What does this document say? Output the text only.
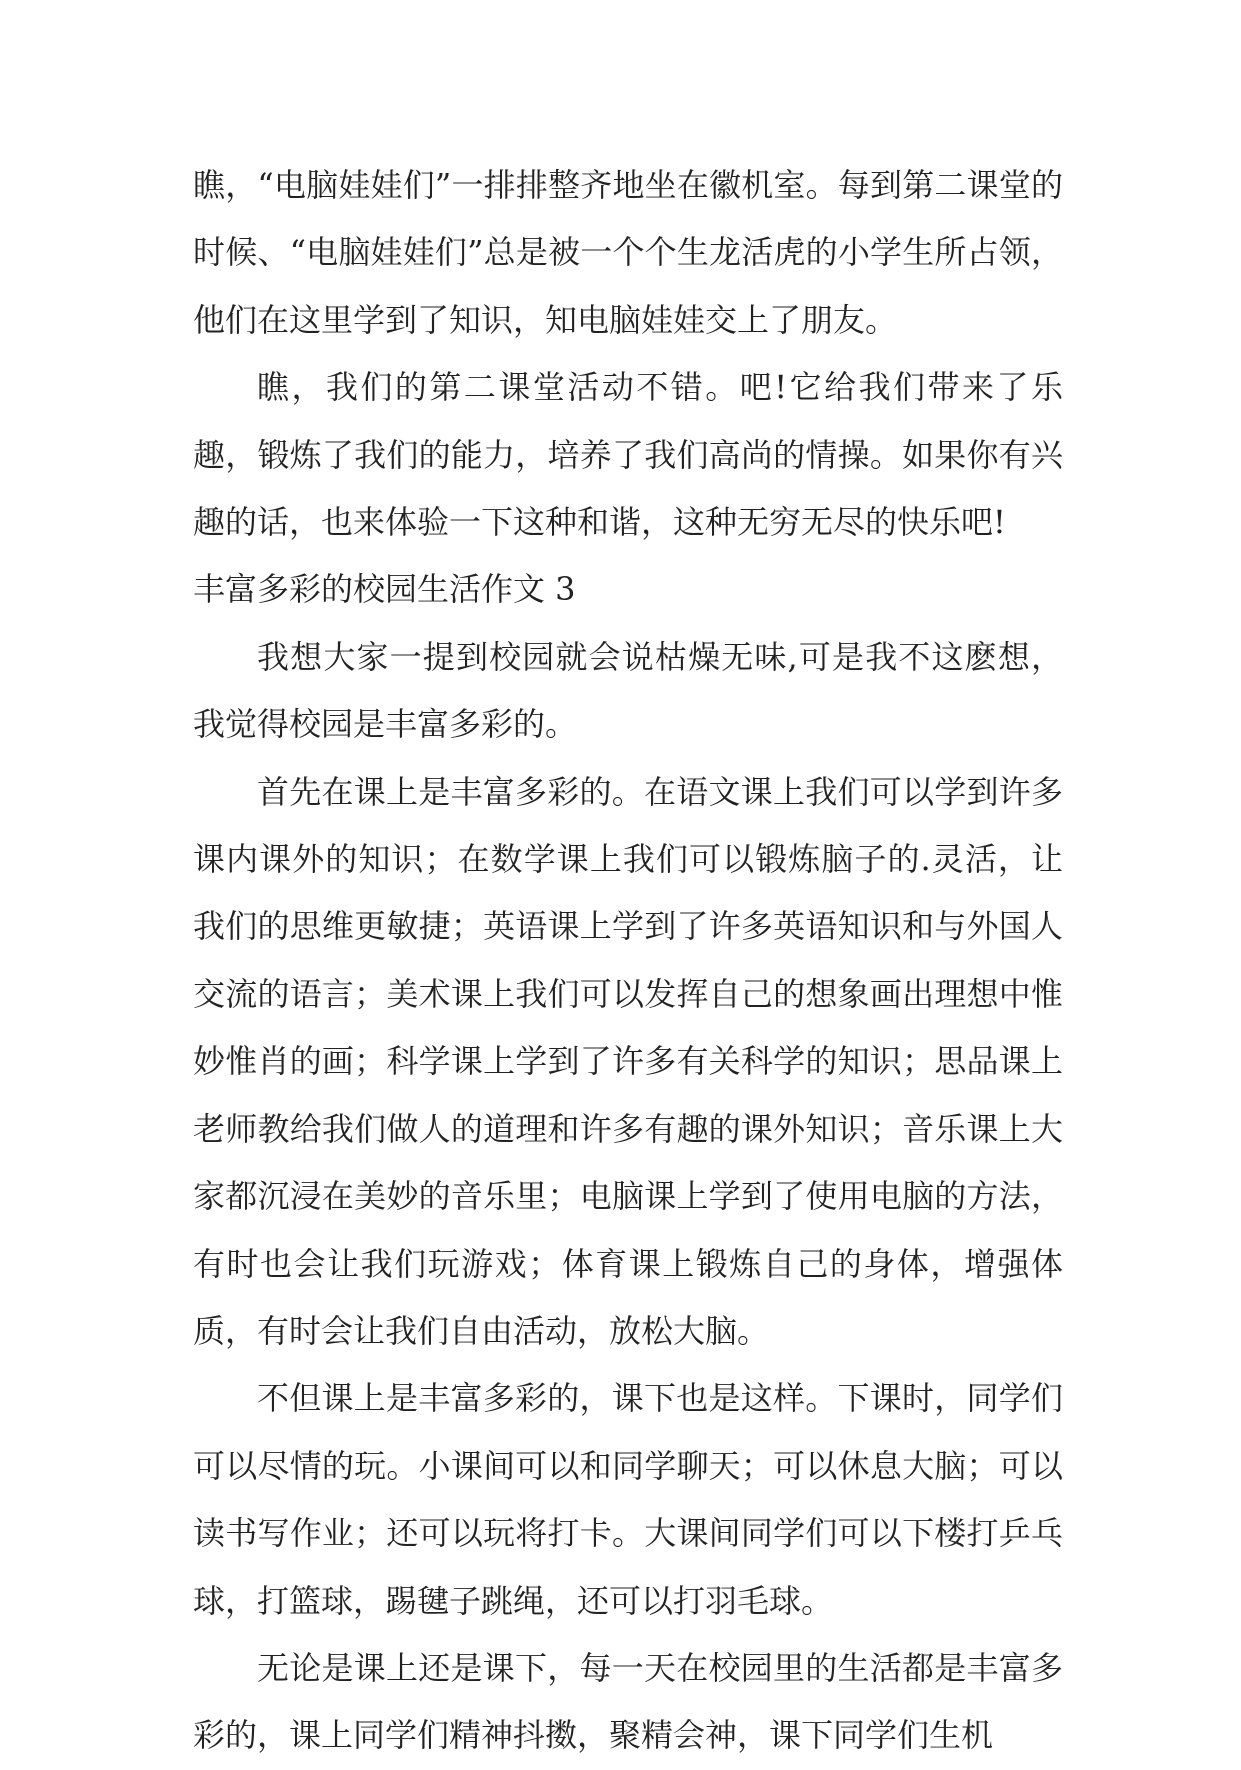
瞧，“电脑娃娃们”一排排整齐地坐在徽机室。每到第二课堂的时候、“电脑娃娃们”总是被一个个生龙活虎的小学生所占领，他们在这里学到了知识，知电脑娃娃交上了朋友。

瞧，我们的第二课堂活动不错。吧!它给我们带来了乐趣，锻炼了我们的能力，培养了我们高尚的情操。如果你有兴趣的话，也来体验一下这种和谐，这种无穷无尽的快乐吧!

丰富多彩的校园生活作文 3

我想大家一提到校园就会说枯燥无味,可是我不这麽想，我觉得校园是丰富多彩的。

首先在课上是丰富多彩的。在语文课上我们可以学到许多课内课外的知识；在数学课上我们可以锻炼脑子的.灵活，让我们的思维更敏捷；英语课上学到了许多英语知识和与外国人交流的语言；美术课上我们可以发挥自己的想象画出理想中惟妙惟肖的画；科学课上学到了许多有关科学的知识；思品课上老师教给我们做人的道理和许多有趣的课外知识；音乐课上大家都沉浸在美妙的音乐里；电脑课上学到了使用电脑的方法，有时也会让我们玩游戏；体育课上锻炼自己的身体，增强体质，有时会让我们自由活动，放松大脑。

不但课上是丰富多彩的，课下也是这样。下课时，同学们可以尽情的玩。小课间可以和同学聊天；可以休息大脑；可以读书写作业；还可以玩将打卡。大课间同学们可以下楼打乒乓球，打篮球，踢毽子跳绳，还可以打羽毛球。

无论是课上还是课下，每一天在校园里的生活都是丰富多彩的，课上同学们精神抖擞，聚精会神，课下同学们生机
